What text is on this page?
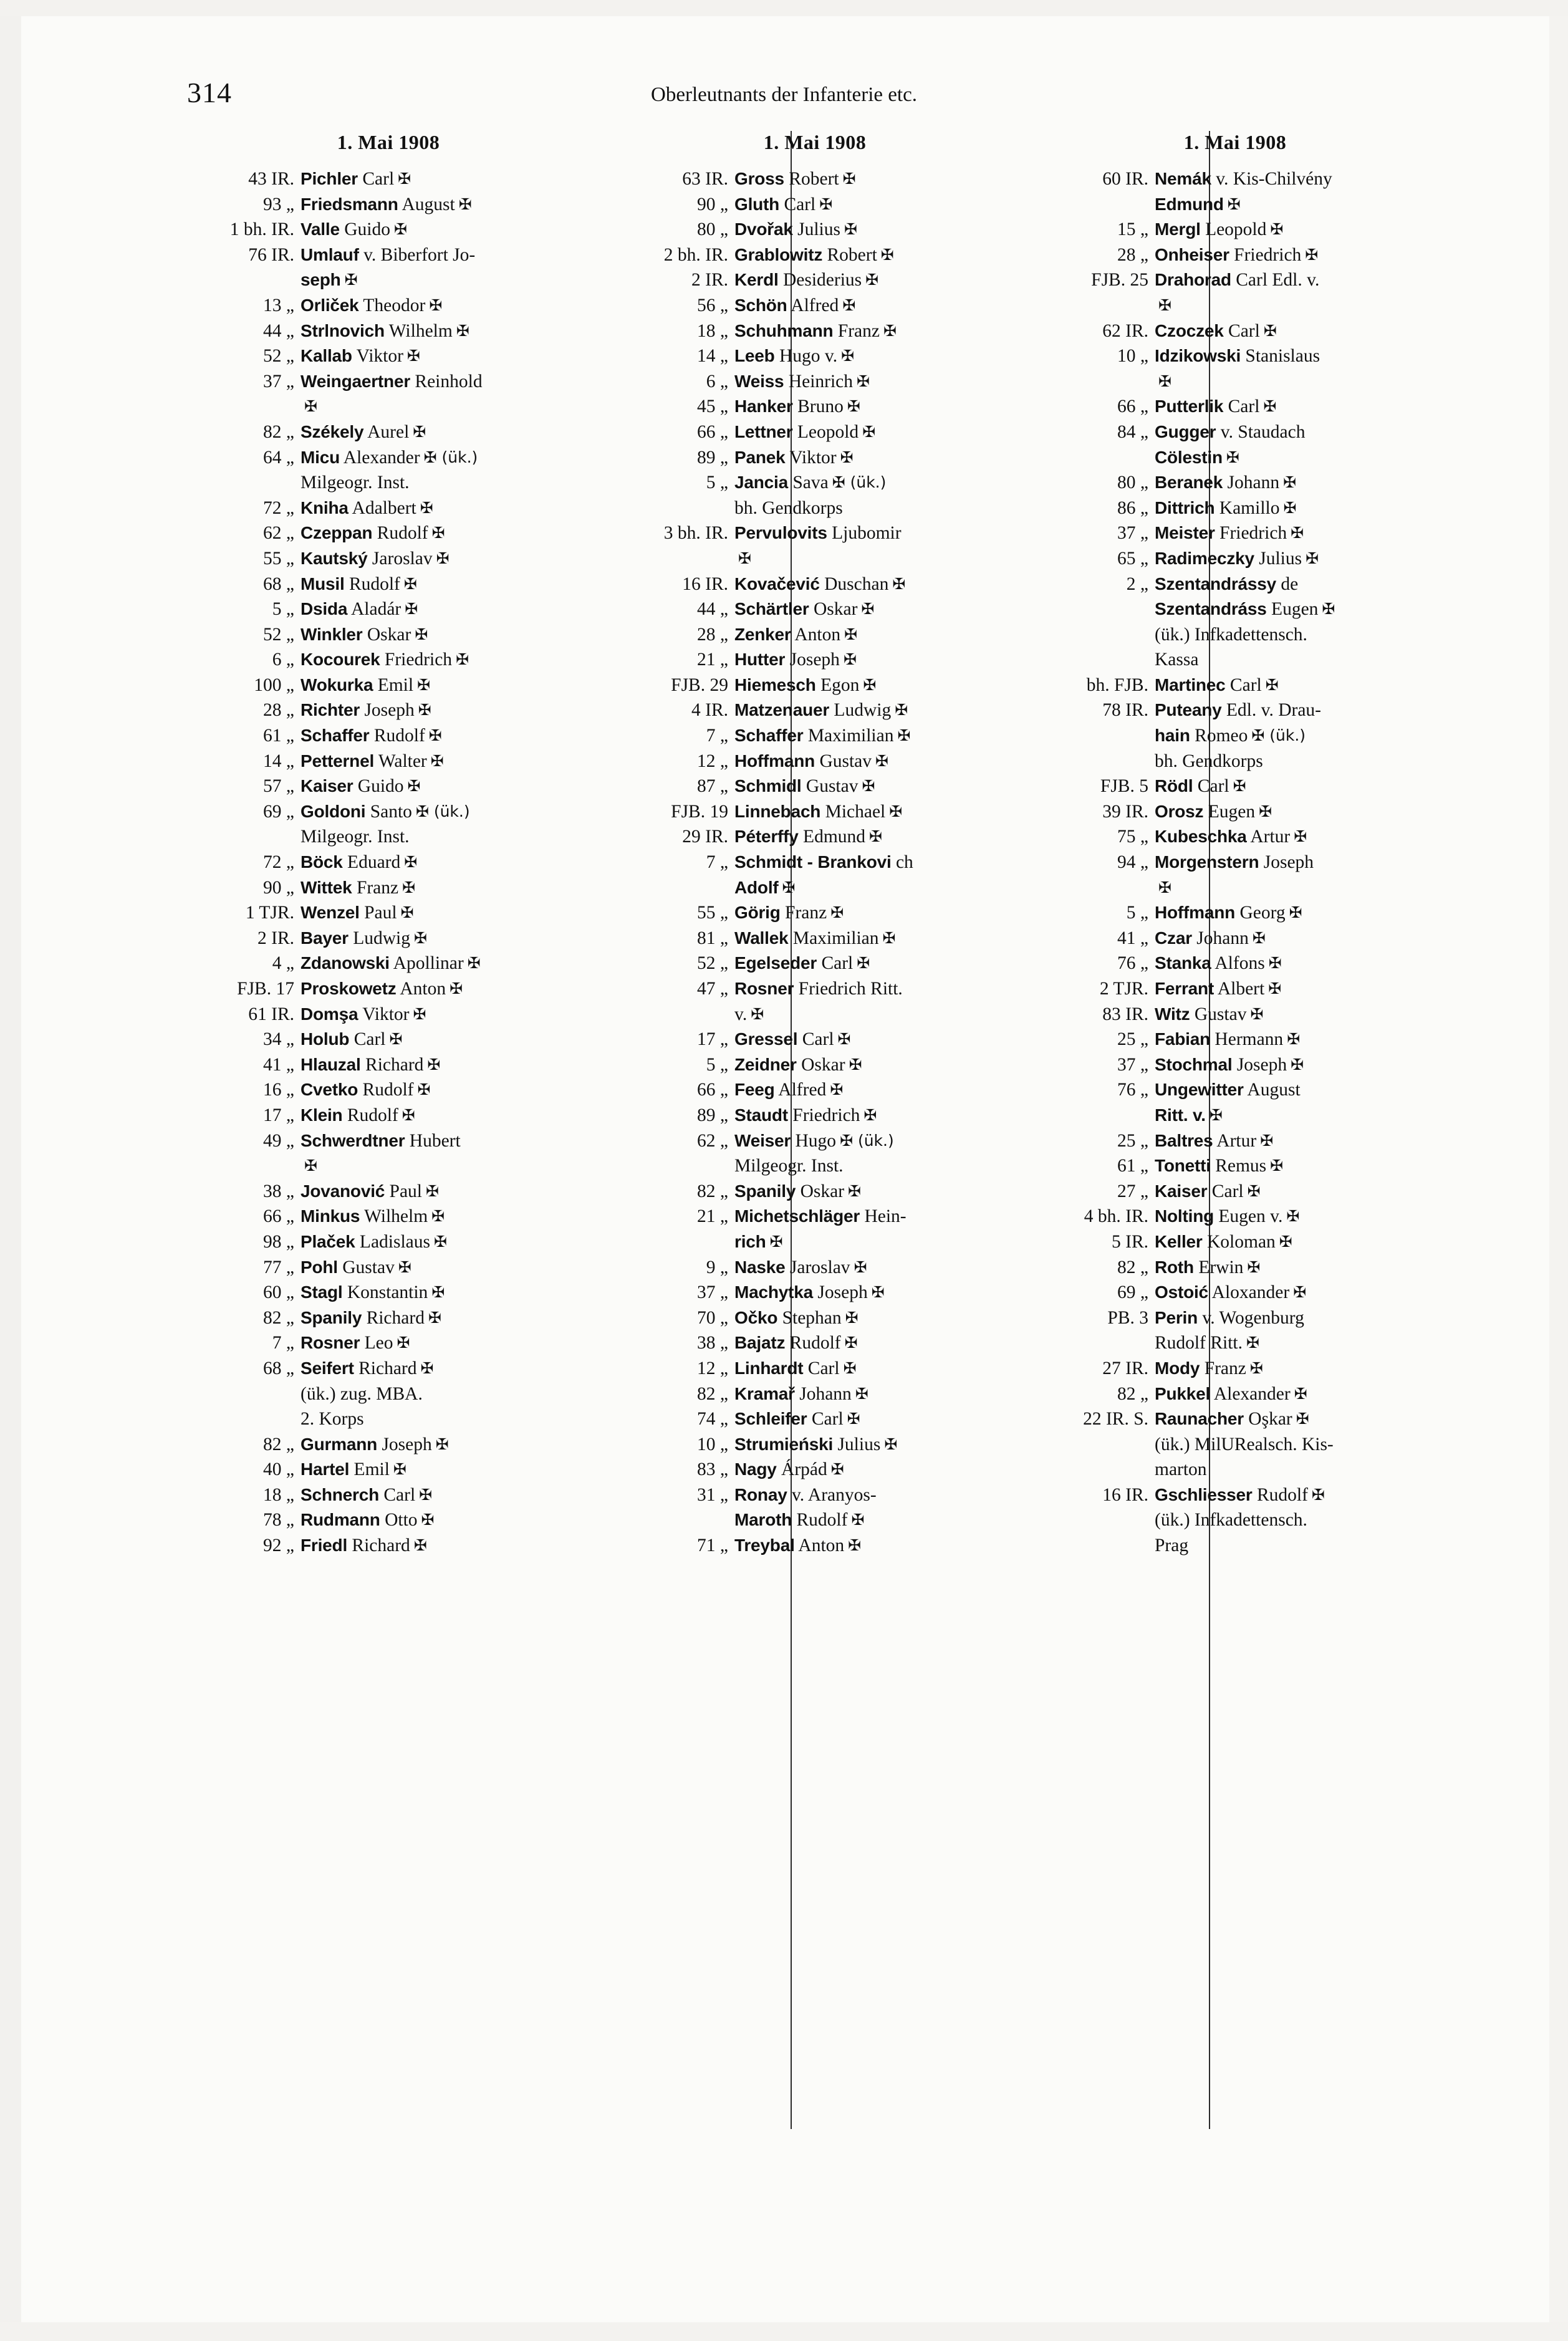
314	Oberleutnants der Infanterie etc.
1. Mai 1908
43 IR. Pichler Carl ✠
93 „ Friedsmann August ✠
1 bh. IR. Valle Guido ✠
76 IR. Umlauf v. Biberfort Jo-
seph ✠
13 „ Orliček Theodor ✠
44 „ Strlnovich Wilhelm ✠
52 „ Kallab Viktor ✠
37 „ Weingaertner Reinhold
✠
82 „ Székely Aurel ✠
64 „ Micu Alexander ✠ (ük.)
Milgeogr. Inst.
72 „ Kniha Adalbert ✠
62 „ Czeppan Rudolf ✠
55 „ Kautský Jaroslav ✠
68 „ Musil Rudolf ✠
5 „ Dsida Aladár ✠
52 „ Winkler Oskar ✠
6 „ Kocourek Friedrich ✠
100 „ Wokurka Emil ✠
28 „ Richter Joseph ✠
61 „ Schaffer Rudolf ✠
14 „ Petternel Walter ✠
57 „ Kaiser Guido ✠
69 „ Goldoni Santo ✠ (ük.)
Milgeogr. Inst.
72 „ Böck Eduard ✠
90 „ Wittek Franz ✠
1 TJR. Wenzel Paul ✠
2 IR. Bayer Ludwig ✠
4 „ Zdanowski Apollinar ✠
FJB. 17 Proskowetz Anton ✠
61 IR. Domşa Viktor ✠
34 „ Holub Carl ✠
41 „ Hlauzal Richard ✠
16 „ Cvetko Rudolf ✠
17 „ Klein Rudolf ✠
49 „ Schwerdtner Hubert
✠
38 „ Jovanović Paul ✠
66 „ Minkus Wilhelm ✠
98 „ Plaček Ladislaus ✠
77 „ Pohl Gustav ✠
60 „ Stagl Konstantin ✠
82 „ Spanily Richard ✠
7 „ Rosner Leo ✠
68 „ Seifert Richard ✠
(ük.) zug. MBA.
2. Korps
82 „ Gurmann Joseph ✠
40 „ Hartel Emil ✠
18 „ Schnerch Carl ✠
78 „ Rudmann Otto ✠
92 „ Friedl Richard ✠
1. Mai 1908
63 IR. Gross Robert ✠
90 „ Gluth Carl ✠
80 „ Dvořak Julius ✠
2 bh. IR. Grablowitz Robert ✠
2 IR. Kerdl Desiderius ✠
56 „ Schön Alfred ✠
18 „ Schuhmann Franz ✠
14 „ Leeb Hugo v. ✠
6 „ Weiss Heinrich ✠
45 „ Hanker Bruno ✠
66 „ Lettner Leopold ✠
89 „ Panek Viktor ✠
5 „ Jancia Sava ✠ (ük.)
bh. Gendkorps
3 bh. IR. Pervulovits Ljubomir
✠
16 IR. Kovačević Duschan ✠
44 „ Schärtler Oskar ✠
28 „ Zenker Anton ✠
21 „ Hutter Joseph ✠
FJB. 29 Hiemesch Egon ✠
4 IR. Matzenauer Ludwig ✠
7 „ Schaffer Maximilian ✠
12 „ Hoffmann Gustav ✠
87 „ Schmidl Gustav ✠
FJB. 19 Linnebach Michael ✠
29 IR. Péterffy Edmund ✠
7 „ Schmidt - Brankovi ch
Adolf ✠
55 „ Görig Franz ✠
81 „ Wallek Maximilian ✠
52 „ Egelseder Carl ✠
47 „ Rosner Friedrich Ritt.
v. ✠
17 „ Gressel Carl ✠
5 „ Zeidner Oskar ✠
66 „ Feeg Alfred ✠
89 „ Staudt Friedrich ✠
62 „ Weiser Hugo ✠ (ük.)
Milgeogr. Inst.
82 „ Spanily Oskar ✠
21 „ Michetschläger Hein-
rich ✠
9 „ Naske Jaroslav ✠
37 „ Machytka Joseph ✠
70 „ Očko Stephan ✠
38 „ Bajatz Rudolf ✠
12 „ Linhardt Carl ✠
82 „ Kramař Johann ✠
74 „ Schleifer Carl ✠
10 „ Strumieński Julius ✠
83 „ Nagy Árpád ✠
31 „ Ronay v. Aranyos-
Maroth Rudolf ✠
71 „ Treybal Anton ✠
1. Mai 1908
60 IR. Nemák v. Kis-Chilvény
Edmund ✠
15 „ Mergl Leopold ✠
28 „ Onheiser Friedrich ✠
FJB. 25 Drahorad Carl Edl. v.
✠
62 IR. Czoczek Carl ✠
10 „ Idzikowski Stanislaus
✠
66 „ Putterlik Carl ✠
84 „ Gugger v. Staudach
Cölestin ✠
80 „ Beranek Johann ✠
86 „ Dittrich Kamillo ✠
37 „ Meister Friedrich ✠
65 „ Radimeczky Julius ✠
2 „ Szentandrássy de
Szentandráss Eugen ✠
(ük.) Infkadettensch.
Kassa
bh. FJB. Martinec Carl ✠
78 IR. Puteany Edl. v. Drau-
hain Romeo ✠ (ük.)
bh. Gendkorps
FJB. 5 Rödl Carl ✠
39 IR. Orosz Eugen ✠
75 „ Kubeschka Artur ✠
94 „ Morgenstern Joseph
✠
5 „ Hoffmann Georg ✠
41 „ Czar Johann ✠
76 „ Stanka Alfons ✠
2 TJR. Ferrant Albert ✠
83 IR. Witz Gustav ✠
25 „ Fabian Hermann ✠
37 „ Stochmal Joseph ✠
76 „ Ungewitter August
Ritt. v. ✠
25 „ Baltres Artur ✠
61 „ Tonetti Remus ✠
27 „ Kaiser Carl ✠
4 bh. IR. Nolting Eugen v. ✠
5 IR. Keller Koloman ✠
82 „ Roth Erwin ✠
69 „ Ostoić Aloxander ✠
PB. 3 Perin v. Wogenburg
Rudolf Ritt. ✠
27 IR. Mody Franz ✠
82 „ Pukkel Alexander ✠
22 IR. S. Raunacher Oşkar ✠
(ük.) MilURealsch. Kis-
marton
16 IR. Gschliesser Rudolf ✠
(ük.) Infkadettensch.
Prag
